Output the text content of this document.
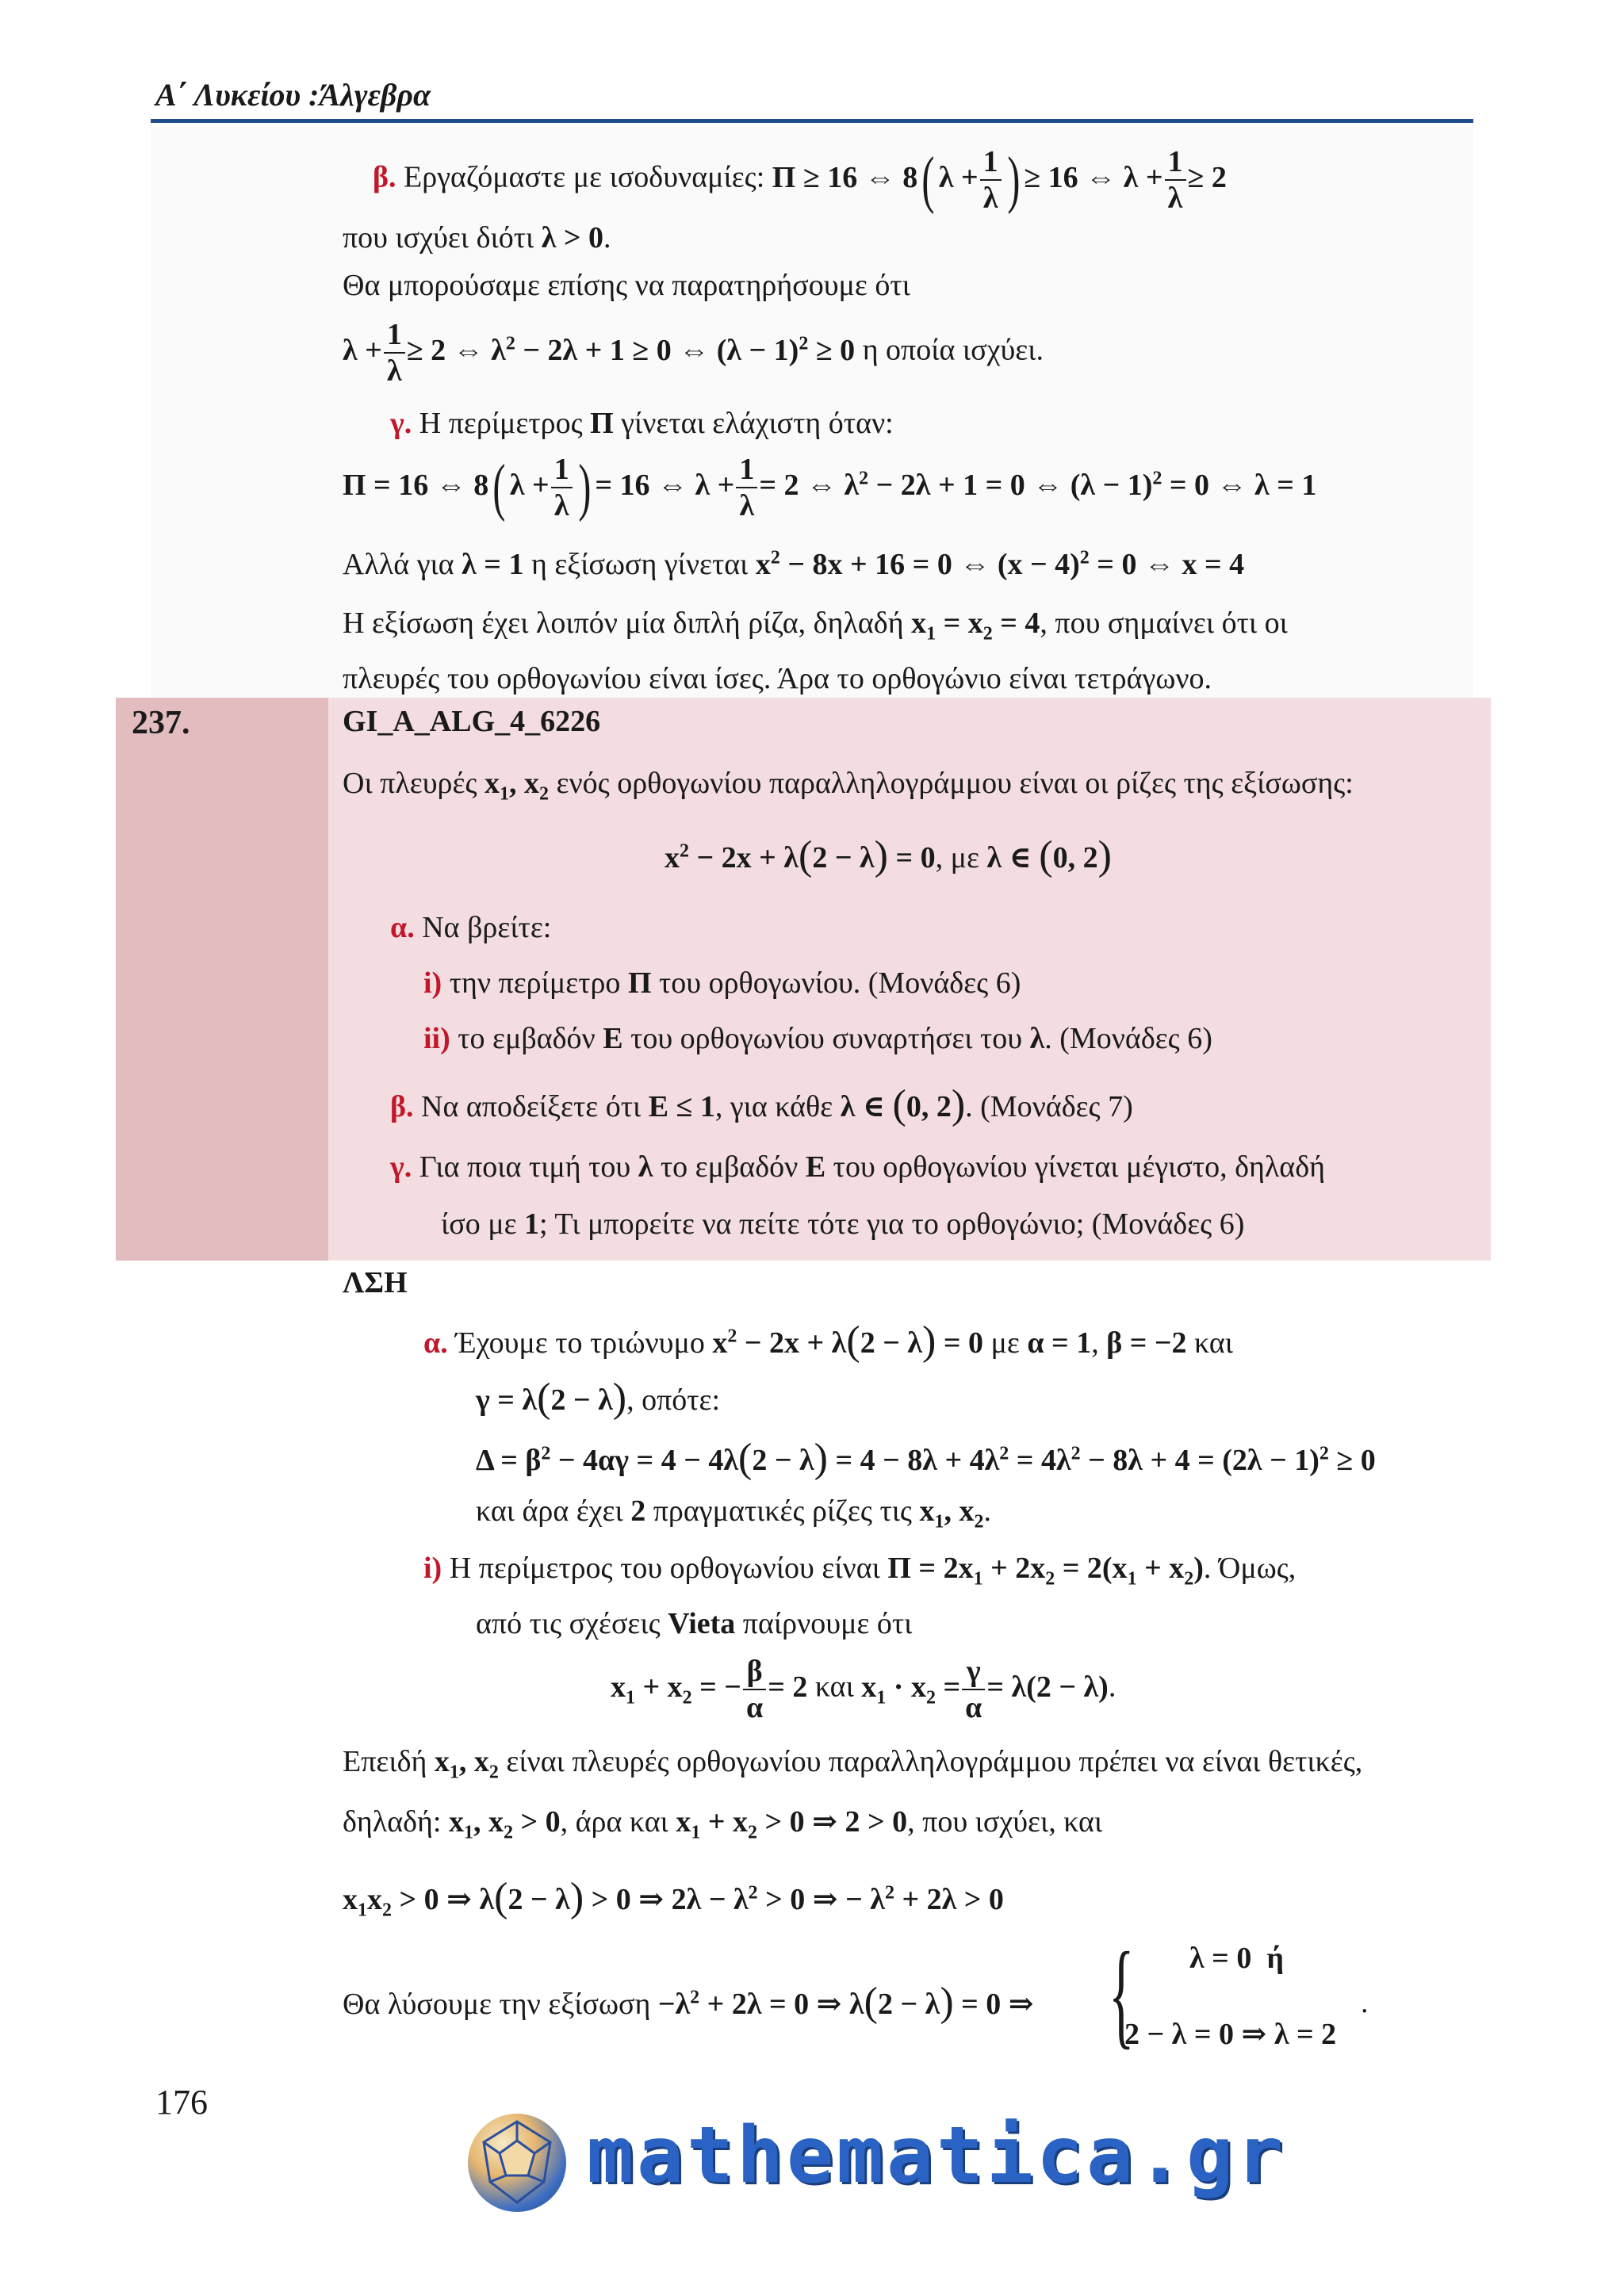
Α΄ Λυκείου :Άλγεβρα
β. Εργαζόμαστε με ισοδυναμίες: Π ≥ 16 ⇔ 8( $\lambda + \frac{1}{\lambda}$ ) ≥ 16 ⇔ $\lambda + \frac{1}{\lambda} \ge 2$
που ισχύει διότι λ > 0.
Θα μπορούσαμε επίσης να παρατηρήσουμε ότι
$\lambda + \frac{1}{\lambda} \ge 2$ ⇔ $\lambda^2 - 2\lambda + 1 \ge 0$ ⇔ $(\lambda - 1)^2 \ge 0$ η οποία ισχύει.
γ. Η περίμετρος Π γίνεται ελάχιστη όταν:
Π = 16 ⇔ 8( $\lambda + \frac{1}{\lambda}$ ) = 16 ⇔ $\lambda + \frac{1}{\lambda} = 2$ ⇔ $\lambda^2 - 2\lambda + 1 = 0$ ⇔ $(\lambda - 1)^2 = 0$ ⇔ λ = 1
Αλλά για λ = 1 η εξίσωση γίνεται $x^2 - 8x + 16 = 0$ ⇔ $(x - 4)^2 = 0$ ⇔ x = 4
Η εξίσωση έχει λοιπόν μία διπλή ρίζα, δηλαδή $x_1 = x_2 = 4$, που σημαίνει ότι οι
πλευρές του ορθογωνίου είναι ίσες. Άρα το ορθογώνιο είναι τετράγωνο.
237.	GI_A_ALG_4_6226
Οι πλευρές $x_1$, $x_2$ ενός ορθογωνίου παραλληλογράμμου είναι οι ρίζες της εξίσωσης:
$x^2 - 2x + \lambda(2 - \lambda) = 0$, με λ ∈ (0, 2)
α. Να βρείτε:
i) την περίμετρο Π του ορθογωνίου. (Μονάδες 6)
ii) το εμβαδόν Ε του ορθογωνίου συναρτήσει του λ. (Μονάδες 6)
β. Να αποδείξετε ότι Ε ≤ 1, για κάθε λ ∈ (0, 2). (Μονάδες 7)
γ. Για ποια τιμή του λ το εμβαδόν Ε του ορθογωνίου γίνεται μέγιστο, δηλαδή
ίσο με 1; Τι μπορείτε να πείτε τότε για το ορθογώνιο; (Μονάδες 6)
ΛΣΗ
α. Έχουμε το τριώνυμο $x^2 - 2x + \lambda(2 - \lambda) = 0$ με α = 1, β = −2 και
γ = λ(2 − λ), οπότε:
$\Delta = \beta^2 - 4\alpha\gamma = 4 - 4\lambda(2 - \lambda) = 4 - 8\lambda + 4\lambda^2 = 4\lambda^2 - 8\lambda + 4 = (2\lambda - 1)^2 \ge 0$
και άρα έχει 2 πραγματικές ρίζες τις $x_1$, $x_2$.
i) Η περίμετρος του ορθογωνίου είναι $\Pi = 2x_1 + 2x_2 = 2(x_1 + x_2)$. Όμως,
από τις σχέσεις Vieta παίρνουμε ότι
$x_1 + x_2$ = − $\frac{\beta}{\alpha} = 2$ και $x_1 \cdot x_2 = \frac{\gamma}{\alpha} = \lambda(2 - \lambda)$.
Επειδή $x_1$, $x_2$ είναι πλευρές ορθογωνίου παραλληλογράμμου πρέπει να είναι θετικές,
δηλαδή: $x_1$, $x_2 > 0$, άρα και $x_1 + x_2 > 0$ ⇒ 2 > 0, που ισχύει, και
$x_1x_2 > 0$ ⇒ λ(2 − λ) > 0 ⇒ $2\lambda - \lambda^2 > 0$ ⇒ − $\lambda^2 + 2\lambda > 0$
Θα λύσουμε την $\varepsilon\xi ί\sigma\omega\sigma\eta -\lambda^2 + 2\lambda = 0$ ⇒ λ(2 − λ) = 0 ⇒ { λ = 0  ή
2 − λ = 0 ⇒ λ = 2
.
176
mathematica.gr
